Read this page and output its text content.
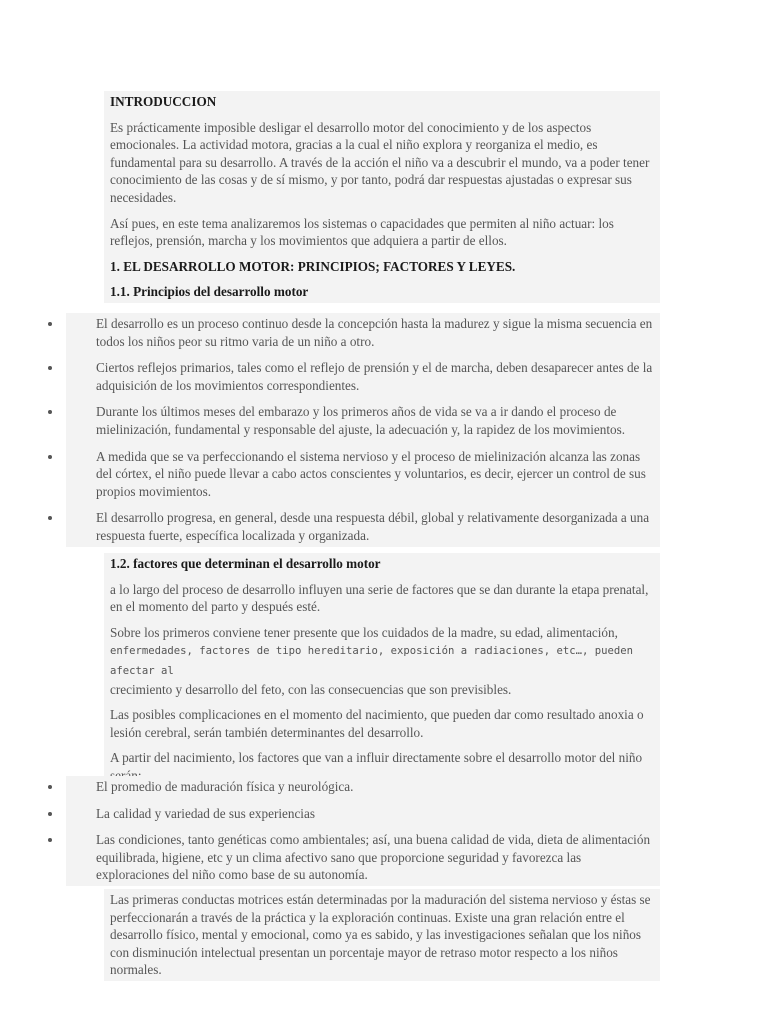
INTRODUCCION

Es prácticamente imposible desligar el desarrollo motor del conocimiento y de los aspectos emocionales. La actividad motora, gracias a la cual el niño explora y reorganiza el medio, es fundamental para su desarrollo. A través de la acción el niño va a descubrir el mundo, va a poder tener conocimiento de las cosas y de sí mismo, y por tanto, podrá dar respuestas ajustadas o expresar sus necesidades.

Así pues, en este tema analizaremos los sistemas o capacidades que permiten al niño actuar: los reflejos, prensión, marcha y los movimientos que adquiera a partir de ellos.

1. EL DESARROLLO MOTOR: PRINCIPIOS; FACTORES Y LEYES.

1.1. Principios del desarrollo motor

El desarrollo es un proceso continuo desde la concepción hasta la madurez y sigue la misma secuencia en todos los niños peor su ritmo varia de un niño a otro.
Ciertos reflejos primarios, tales como el reflejo de prensión y el de marcha, deben desaparecer antes de la adquisición de los movimientos correspondientes.
Durante los últimos meses del embarazo y los primeros años de vida se va a ir dando el proceso de mielinización, fundamental y responsable del ajuste, la adecuación y, la rapidez de los movimientos.
A medida que se va perfeccionando el sistema nervioso y el proceso de mielinización alcanza las zonas del córtex, el niño puede llevar a cabo actos conscientes y voluntarios, es decir, ejercer un control de sus propios movimientos.
El desarrollo progresa, en general, desde una respuesta débil, global y relativamente desorganizada a una respuesta fuerte, específica localizada y organizada.

1.2. factores que determinan el desarrollo motor

a lo largo del proceso de desarrollo influyen una serie de factores que se dan durante la etapa prenatal, en el momento del parto y después esté.

Sobre los primeros conviene tener presente que los cuidados de la madre, su edad, alimentación,
enfermedades, factores de tipo hereditario, exposición a radiaciones, etc…, pueden afectar al
crecimiento y desarrollo del feto, con las consecuencias que son previsibles.

Las posibles complicaciones en el momento del nacimiento, que pueden dar como resultado anoxia o lesión cerebral, serán también determinantes del desarrollo.

A partir del nacimiento, los factores que van a influir directamente sobre el desarrollo motor del niño

El promedio de maduración física y neurológica.
La calidad y variedad de sus experiencias
Las condiciones, tanto genéticas como ambientales; así, una buena calidad de vida, dieta de alimentación equilibrada, higiene, etc y un clima afectivo sano que proporcione seguridad y favorezca las exploraciones del niño como base de su autonomía.

Las primeras conductas motrices están determinadas por la maduración del sistema nervioso y éstas se perfeccionarán a través de la práctica y la exploración continuas. Existe una gran relación entre el desarrollo físico, mental y emocional, como ya es sabido, y las investigaciones señalan que los niños con disminución intelectual presentan un porcentaje mayor de retraso motor respecto a los niños normales.
